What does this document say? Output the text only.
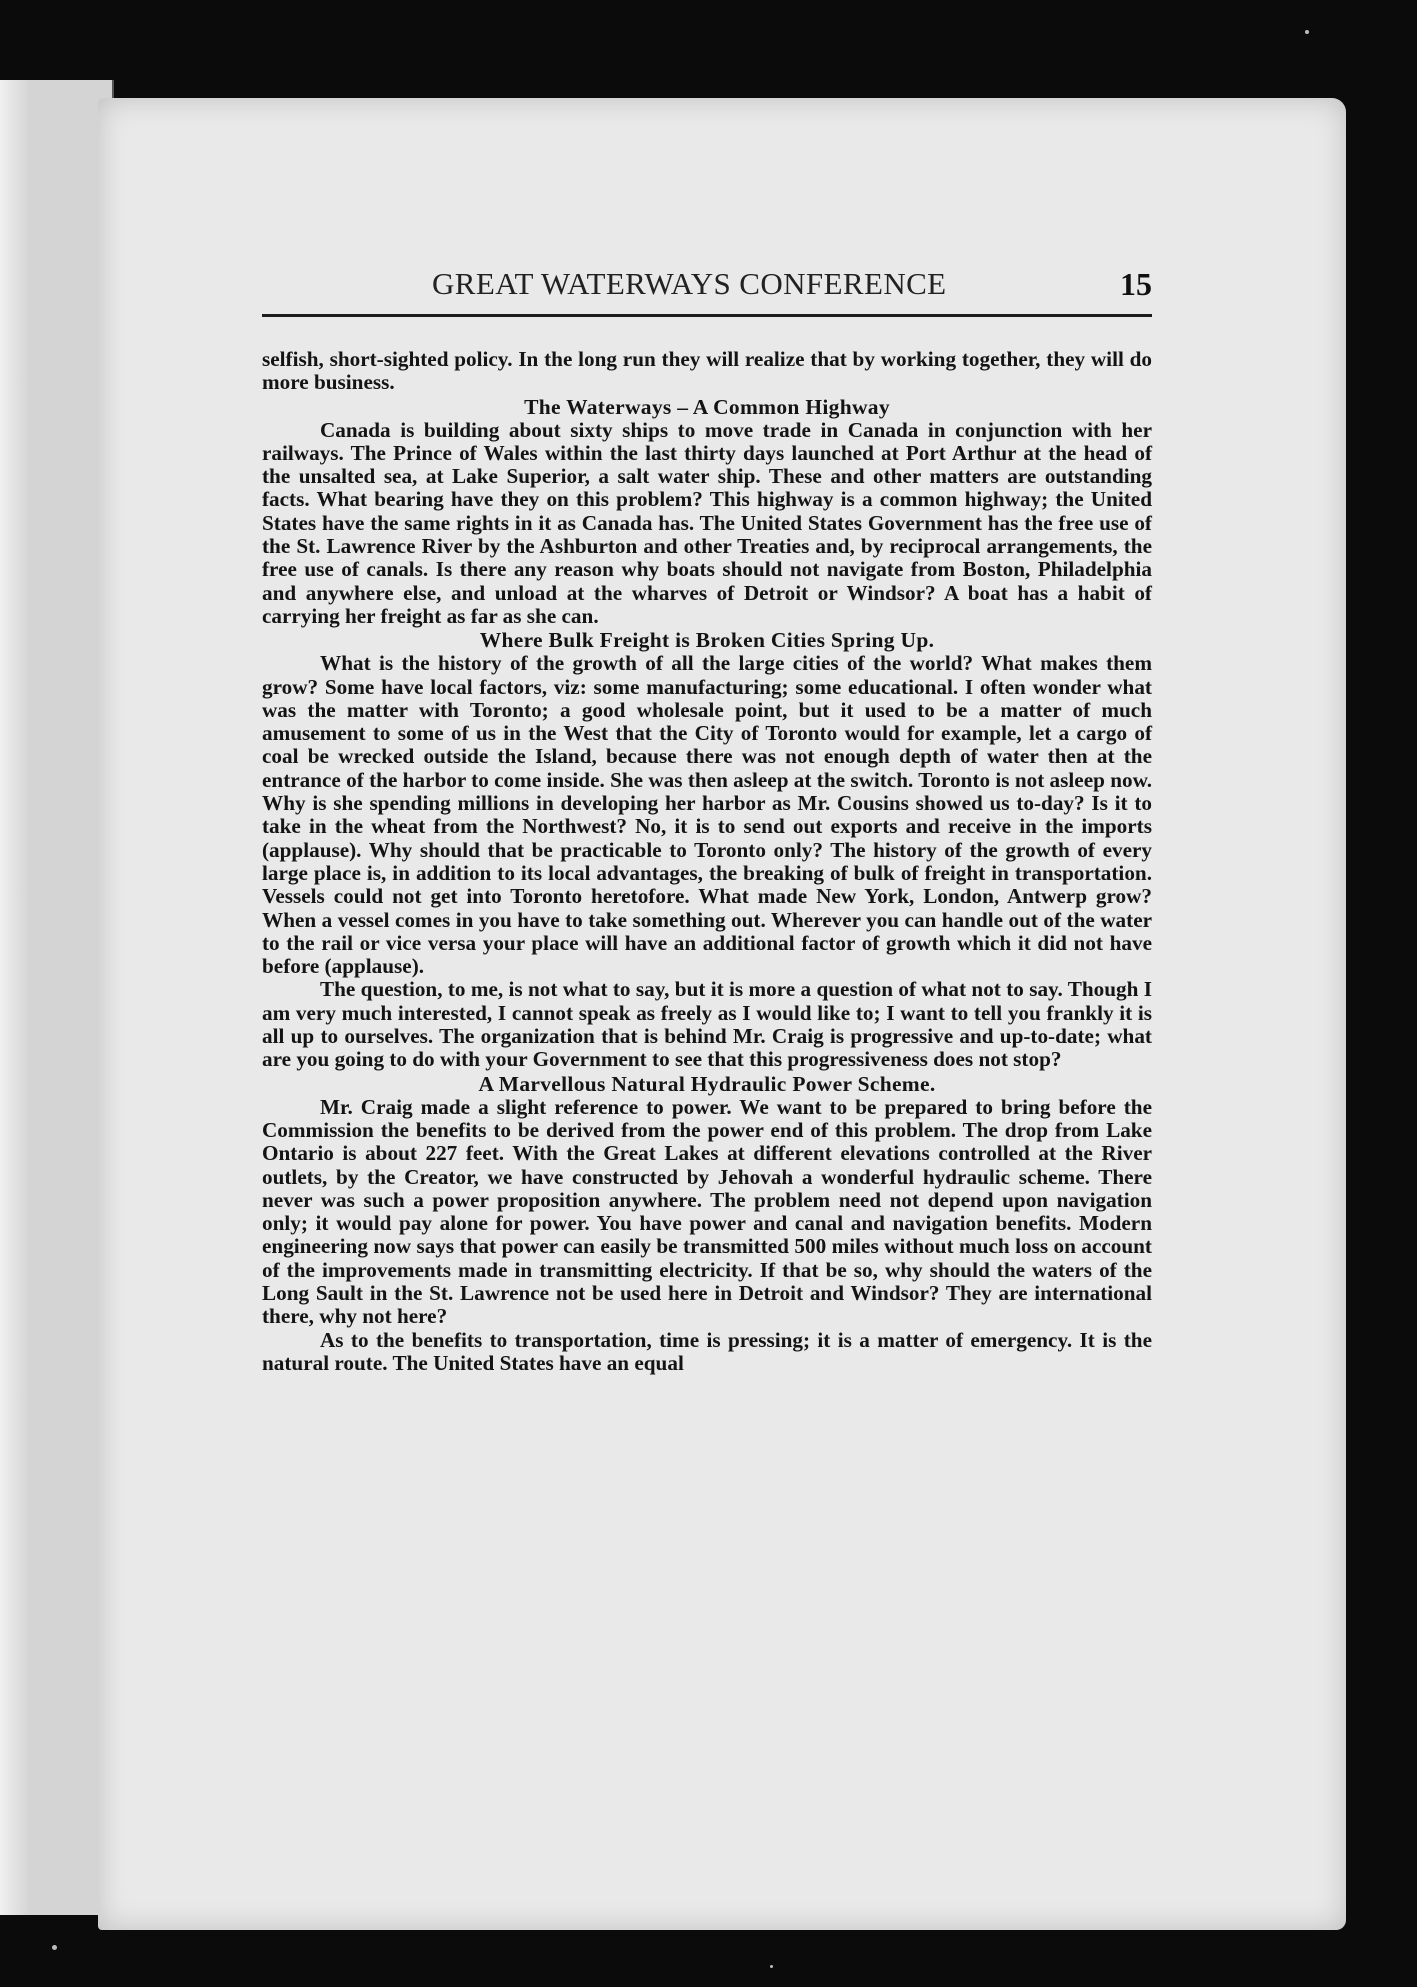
GREAT WATERWAYS CONFERENCE	15

selfish, short-sighted policy. In the long run they will realize that by working together, they will do more business.

The Waterways – A Common Highway

Canada is building about sixty ships to move trade in Canada in conjunction with her railways. The Prince of Wales within the last thirty days launched at Port Arthur at the head of the unsalted sea, at Lake Superior, a salt water ship. These and other matters are outstanding facts. What bearing have they on this problem? This highway is a common highway; the United States have the same rights in it as Canada has. The United States Government has the free use of the St. Lawrence River by the Ashburton and other Treaties and, by reciprocal arrangements, the free use of canals. Is there any reason why boats should not navigate from Boston, Philadelphia and anywhere else, and unload at the wharves of Detroit or Windsor? A boat has a habit of carrying her freight as far as she can.

Where Bulk Freight is Broken Cities Spring Up.

What is the history of the growth of all the large cities of the world? What makes them grow? Some have local factors, viz: some manufacturing; some educational. I often wonder what was the matter with Toronto; a good wholesale point, but it used to be a matter of much amusement to some of us in the West that the City of Toronto would for example, let a cargo of coal be wrecked outside the Island, because there was not enough depth of water then at the entrance of the harbor to come inside. She was then asleep at the switch. Toronto is not asleep now. Why is she spending millions in developing her harbor as Mr. Cousins showed us to-day? Is it to take in the wheat from the Northwest? No, it is to send out exports and receive in the imports (applause). Why should that be practicable to Toronto only? The history of the growth of every large place is, in addition to its local advantages, the breaking of bulk of freight in transportation. Vessels could not get into Toronto heretofore. What made New York, London, Antwerp grow? When a vessel comes in you have to take something out. Wherever you can handle out of the water to the rail or vice versa your place will have an additional factor of growth which it did not have before (applause).

The question, to me, is not what to say, but it is more a question of what not to say. Though I am very much interested, I cannot speak as freely as I would like to; I want to tell you frankly it is all up to ourselves. The organization that is behind Mr. Craig is progressive and up-to-date; what are you going to do with your Government to see that this progressiveness does not stop?

A Marvellous Natural Hydraulic Power Scheme.

Mr. Craig made a slight reference to power. We want to be prepared to bring before the Commission the benefits to be derived from the power end of this problem. The drop from Lake Ontario is about 227 feet. With the Great Lakes at different elevations controlled at the River outlets, by the Creator, we have constructed by Jehovah a wonderful hydraulic scheme. There never was such a power proposition anywhere. The problem need not depend upon navigation only; it would pay alone for power. You have power and canal and navigation benefits. Modern engineering now says that power can easily be transmitted 500 miles without much loss on account of the improvements made in transmitting electricity. If that be so, why should the waters of the Long Sault in the St. Lawrence not be used here in Detroit and Windsor? They are international there, why not here?

As to the benefits to transportation, time is pressing; it is a matter of emergency. It is the natural route. The United States have an equal
